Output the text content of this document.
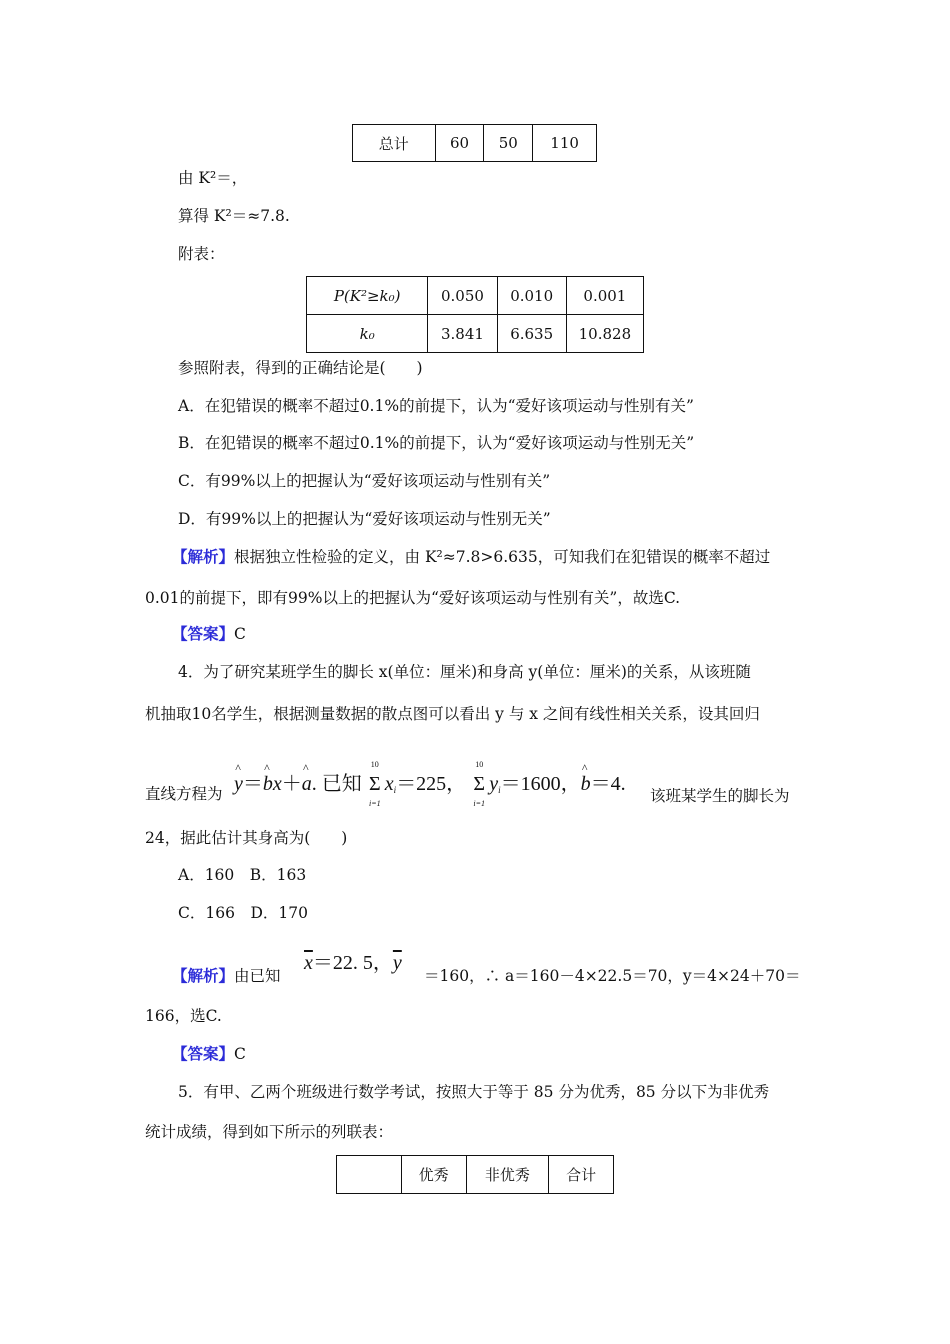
总计	60	50	110
由 K²＝，
算得 K²＝≈7.8.
附表：
P(K²≥k₀)	0.050	0.010	0.001
k₀	3.841	6.635	10.828
参照附表，得到的正确结论是(　　)
A．在犯错误的概率不超过0.1%的前提下，认为“爱好该项运动与性别有关”
B．在犯错误的概率不超过0.1%的前提下，认为“爱好该项运动与性别无关”
C．有99%以上的把握认为“爱好该项运动与性别有关”
D．有99%以上的把握认为“爱好该项运动与性别无关”
【解析】根据独立性检验的定义，由 K²≈7.8>6.635，可知我们在犯错误的概率不超过
0.01的前提下，即有99%以上的把握认为“爱好该项运动与性别有关”，故选C.
【答案】C
4．为了研究某班学生的脚长 x(单位：厘米)和身高 y(单位：厘米)的关系，从该班随
机抽取10名学生，根据测量数据的散点图可以看出 y 与 x 之间有线性相关关系，设其回归
直线方程为 ^ y＝^ bx＋^ a. 已知 Σ
10
i=1
$x_i=225$， Σ
10
i=1
$y_i=1600$，^ b＝4.
该班某学生的脚长为
24，据此估计其身高为(　　)
A．160　B．163
C．166　D．170
【解析】由已知
$\overline{x}=22$. 5，$\overline{y}$
＝160，∴ a＝160－4×22.5＝70，y＝4×24＋70＝
166，选C.
【答案】C
5．有甲、乙两个班级进行数学考试，按照大于等于 85 分为优秀，85 分以下为非优秀
统计成绩，得到如下所示的列联表：
	优秀	非优秀	合计
